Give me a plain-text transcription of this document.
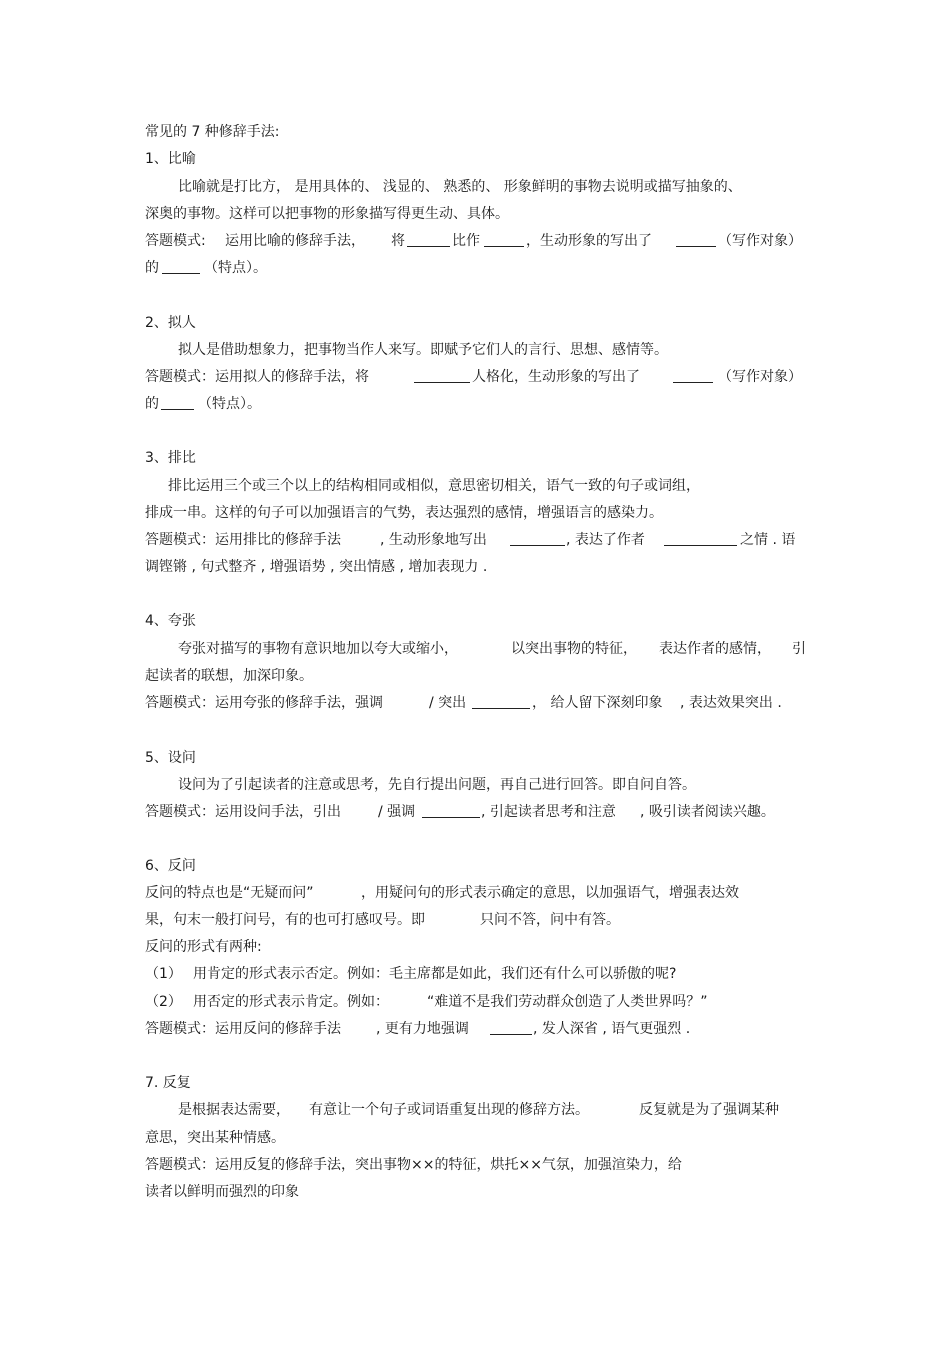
常见的 7 种修辞手法:
1、比喻
比喻就是打比方， 是用具体的、 浅显的、 熟悉的、 形象鲜明的事物去说明或描写抽象的、
深奥的事物。这样可以把事物的形象描写得更生动、具体。
答题模式: 运用比喻的修辞手法， 将	比作	，生动形象的写出了	（写作对象）
的	（特点）。
2、拟人
拟人是借助想象力，把事物当作人来写。即赋予它们人的言行、思想、感情等。
答题模式：运用拟人的修辞手法，将	人格化，生动形象的写出了	（写作对象）
的	（特点）。
3、排比
排比运用三个或三个以上的结构相同或相似，意思密切相关，语气一致的句子或词组，
排成一串。这样的句子可以加强语言的气势，表达强烈的感情，增强语言的感染力。
答题模式：运用排比的修辞手法	, 生动形象地写出	, 表达了作者	之情 . 语
调铿锵 , 句式整齐 , 增强语势 , 突出情感 , 增加表现力 .
4、夸张
夸张对描写的事物有意识地加以夸大或缩小，	以突出事物的特征， 表达作者的感情， 引
起读者的联想，加深印象。
答题模式：运用夸张的修辞手法，强调	/ 突出	， 给人留下深刻印象 , 表达效果突出 .
5、设问
设问为了引起读者的注意或思考，先自行提出问题，再自己进行回答。即自问自答。
答题模式：运用设问手法，引出	/ 强调	, 引起读者思考和注意 , 吸引读者阅读兴趣。
6、反问
反问的特点也是“无疑而问”	，用疑问句的形式表示确定的意思，以加强语气，增强表达效
果，句末一般打问号，有的也可打感叹号。即	只问不答，问中有答。
反问的形式有两种:
（1） 用肯定的形式表示否定。例如：毛主席都是如此，我们还有什么可以骄傲的呢?
（2） 用否定的形式表示肯定。例如：	“难道不是我们劳动群众创造了人类世界吗？”
答题模式：运用反问的修辞手法	, 更有力地强调	, 发人深省 , 语气更强烈 .
7. 反复
是根据表达需要， 有意让一个句子或词语重复出现的修辞方法。	反复就是为了强调某种
意思，突出某种情感。
答题模式：运用反复的修辞手法，突出事物××的特征，烘托××气氛，加强渲染力，给
读者以鲜明而强烈的印象
